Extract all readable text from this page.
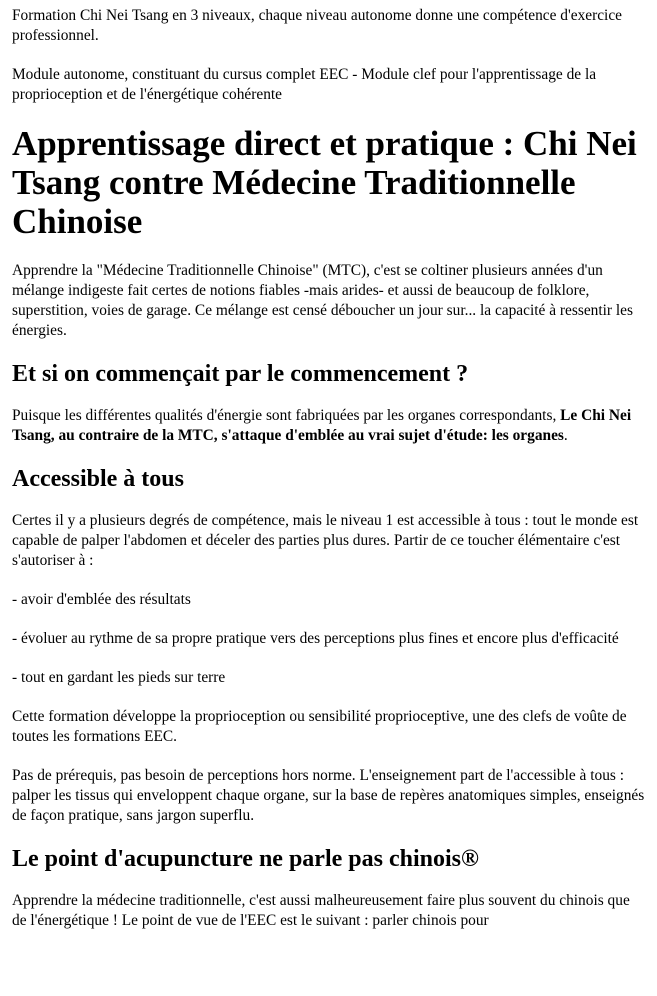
Formation Chi Nei Tsang en 3 niveaux, chaque niveau autonome donne une compétence d'exercice professionnel.

Module autonome, constituant du cursus complet EEC - Module clef pour l'apprentissage de la proprioception et de l'énergétique cohérente

Apprentissage direct et pratique : Chi Nei Tsang contre Médecine Traditionnelle Chinoise

Apprendre la "Médecine Traditionnelle Chinoise" (MTC), c'est se coltiner plusieurs années d'un mélange indigeste fait certes de notions fiables -mais arides- et aussi de beaucoup de folklore, superstition, voies de garage. Ce mélange est censé déboucher un jour sur... la capacité à ressentir les énergies.

Et si on commençait par le commencement ?

Puisque les différentes qualités d'énergie sont fabriquées par les organes correspondants, Le Chi Nei Tsang, au contraire de la MTC, s'attaque d'emblée au vrai sujet d'étude: les organes.

Accessible à tous

Certes il y a plusieurs degrés de compétence, mais le niveau 1 est accessible à tous : tout le monde est capable de palper l'abdomen et déceler des parties plus dures. Partir de ce toucher élémentaire c'est s'autoriser à :

- avoir d'emblée des résultats

- évoluer au rythme de sa propre pratique vers des perceptions plus fines et encore plus d'efficacité

- tout en gardant les pieds sur terre

Cette formation développe la proprioception ou sensibilité proprioceptive, une des clefs de voûte de toutes les formations EEC.

Pas de prérequis, pas besoin de perceptions hors norme. L'enseignement part de l'accessible à tous : palper les tissus qui enveloppent chaque organe, sur la base de repères anatomiques simples, enseignés de façon pratique, sans jargon superflu.

Le point d'acupuncture ne parle pas chinois®

Apprendre la médecine traditionnelle, c'est aussi malheureusement faire plus souvent du chinois que de l'énergétique ! Le point de vue de l'EEC est le suivant : parler chinois pour
